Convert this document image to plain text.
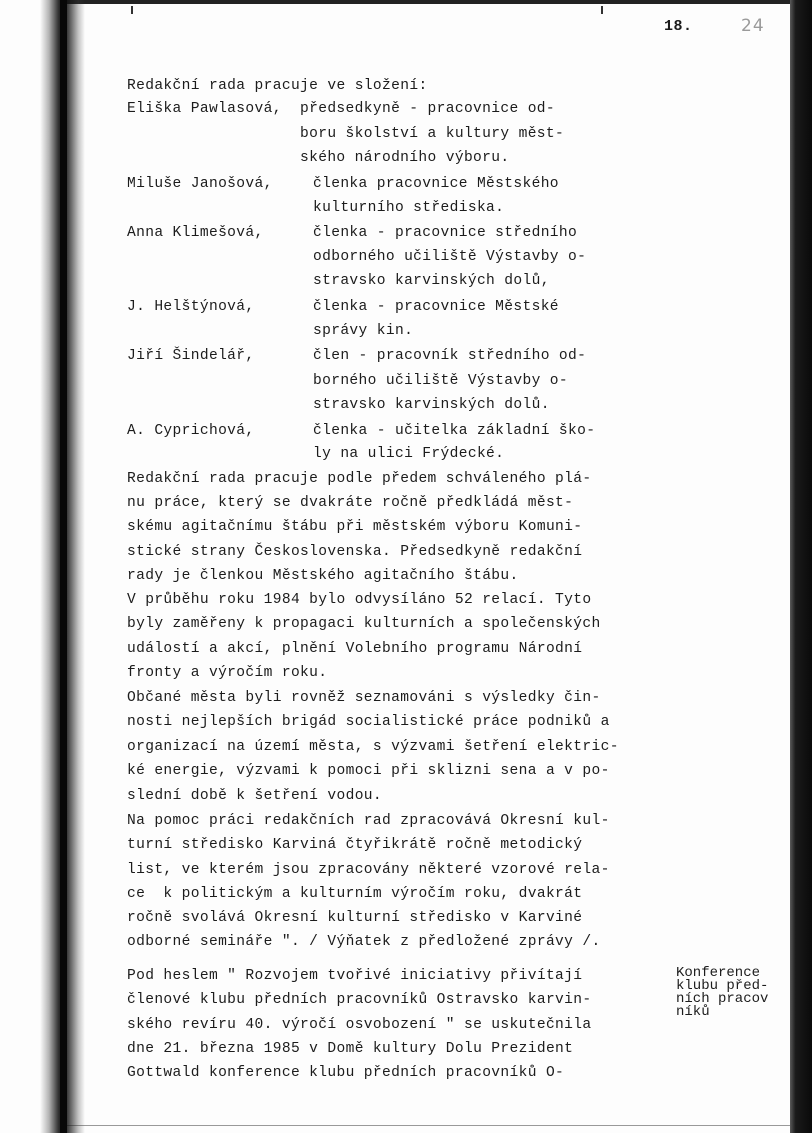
18.	24
Redakční rada pracuje ve složení:
Eliška Pawlasová, předsedkyně - pracovnice od-
boru školství a kultury měst-
ského národního výboru.
Miluše Janošová,	členka pracovnice Městského
kulturního střediska.
Anna Klimešová,	členka - pracovnice středního
odborného učiliště Výstavby o-
stravsko karvinských dolů,
J. Helštýnová,	členka - pracovnice Městské
správy kin.
Jiří Šindelář,	člen - pracovník středního od-
borného učiliště Výstavby o-
stravsko karvinských dolů.
A. Cyprichová,	členka - učitelka základní ško-
ly na ulici Frýdecké.
Redakční rada pracuje podle předem schváleného plá-
nu práce, který se dvakráte ročně předkládá měst-
skému agitačnímu štábu při městském výboru Komuni-
stické strany Československa. Předsedkyně redakční
rady je členkou Městského agitačního štábu.
V průběhu roku 1984 bylo odvysíláno 52 relací. Tyto
byly zaměřeny k propagaci kulturních a společenských
událostí a akcí, plnění Volebního programu Národní
fronty a výročím roku.
Občané města byli rovněž seznamováni s výsledky čin-
nosti nejlepších brigád socialistické práce podniků a
organizací na území města, s výzvami šetření elektric-
ké energie, výzvami k pomoci při sklizni sena a v po-
slední době k šetření vodou.
Na pomoc práci redakčních rad zpracovává Okresní kul-
turní středisko Karviná čtyřikrátě ročně metodický
list, ve kterém jsou zpracovány některé vzorové rela-
ce  k politickým a kulturním výročím roku, dvakrát
ročně svolává Okresní kulturní středisko v Karviné
odborné semináře ". / Výňatek z předložené zprávy /.
Pod heslem " Rozvojem tvořivé iniciativy přivítají
členové klubu předních pracovníků Ostravsko karvin-
ského revíru 40. výročí osvobození " se uskutečnila
dne 21. března 1985 v Domě kultury Dolu Prezident
Gottwald konference klubu předních pracovníků O-
Konference
klubu před-
ních pracov
níků
